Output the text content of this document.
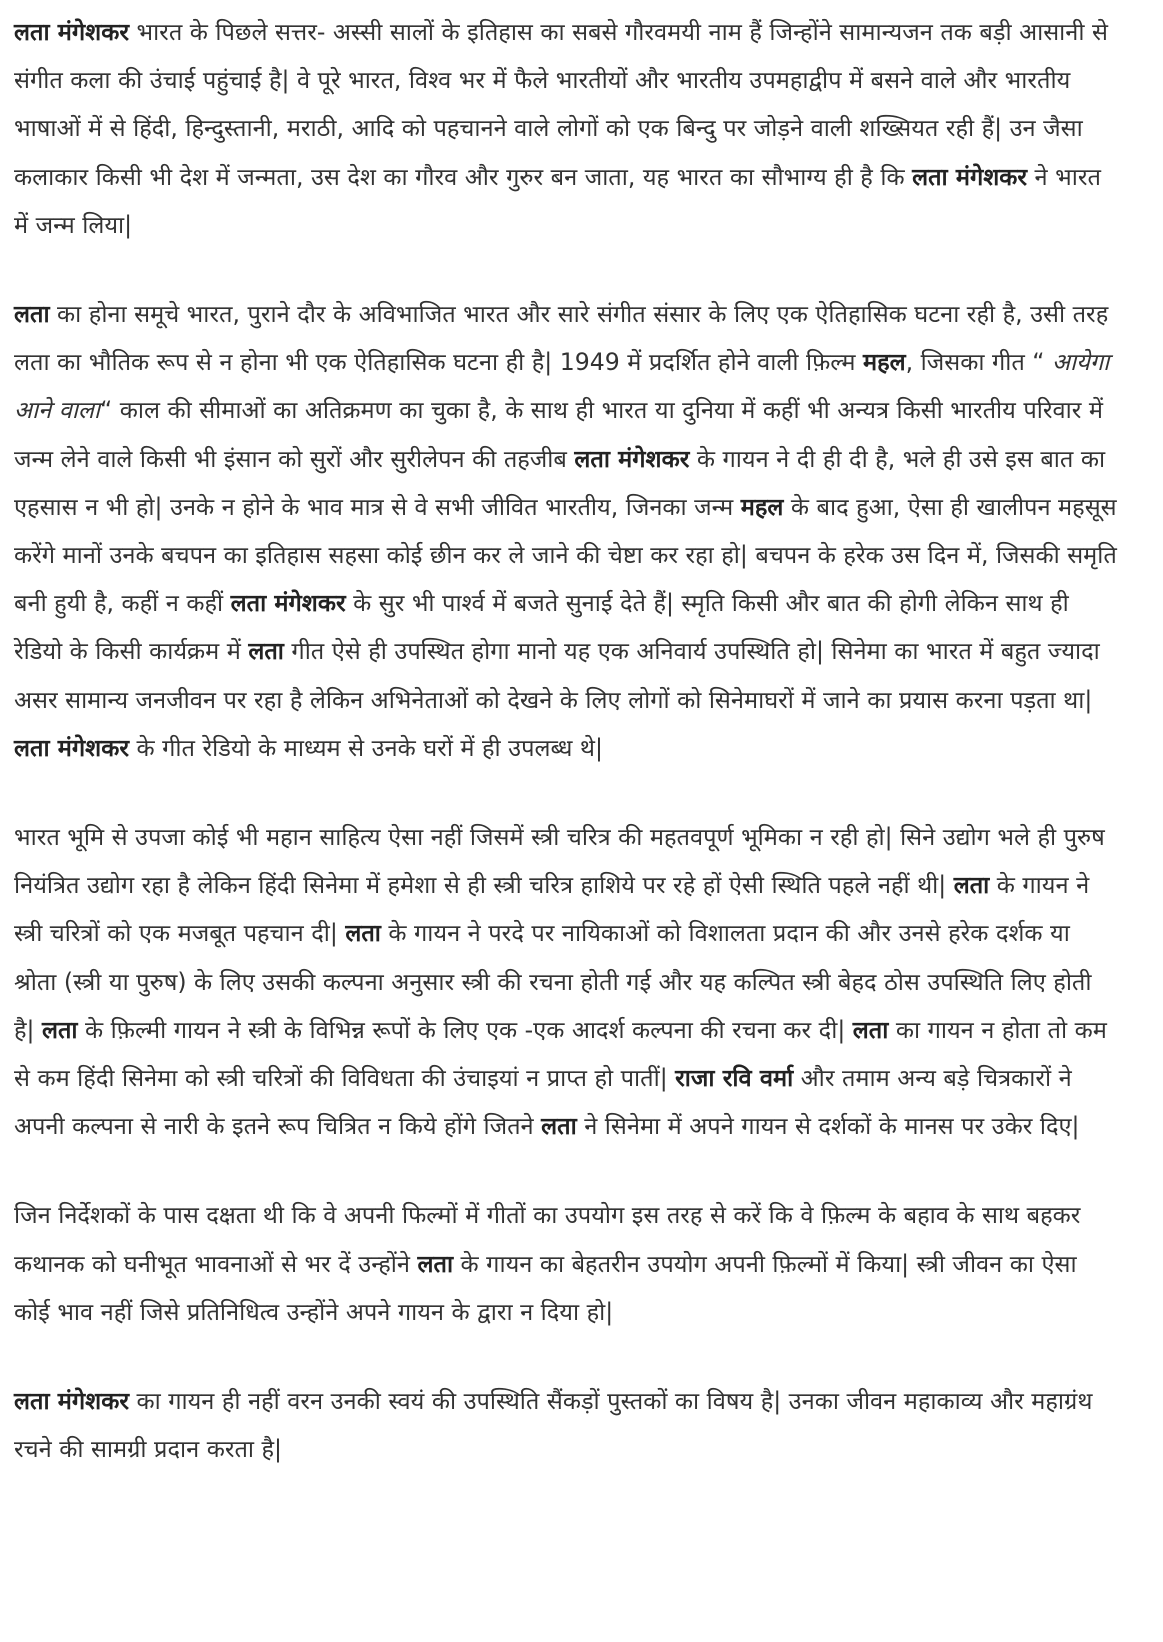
लता मंगेशकर भारत के पिछले सत्तर- अस्सी सालों के इतिहास का सबसे गौरवमयी नाम हैं जिन्होंने सामान्यजन तक बड़ी आसानी से संगीत कला की उंचाई पहुंचाई है| वे पूरे भारत, विश्व भर में फैले भारतीयों और भारतीय उपमहाद्वीप में बसने वाले और भारतीय भाषाओं में से हिंदी, हिन्दुस्तानी, मराठी, आदि को पहचानने वाले लोगों को एक बिन्दु पर जोड़ने वाली शख्सियत रही हैं| उन जैसा कलाकार किसी भी देश में जन्मता, उस देश का गौरव और गुरुर बन जाता, यह भारत का सौभाग्य ही है कि लता मंगेशकर ने भारत में जन्म लिया|

लता का होना समूचे भारत, पुराने दौर के अविभाजित भारत और सारे संगीत संसार के लिए एक ऐतिहासिक घटना रही है, उसी तरह लता का भौतिक रूप से न होना भी एक ऐतिहासिक घटना ही है| 1949 में प्रदर्शित होने वाली फ़िल्म महल, जिसका गीत “ आयेगा आने वाला“ काल की सीमाओं का अतिक्रमण का चुका है, के साथ ही भारत या दुनिया में कहीं भी अन्यत्र किसी भारतीय परिवार में जन्म लेने वाले किसी भी इंसान को सुरों और सुरीलेपन की तहजीब लता मंगेशकर के गायन ने दी ही दी है, भले ही उसे इस बात का एहसास न भी हो| उनके न होने के भाव मात्र से वे सभी जीवित भारतीय, जिनका जन्म महल के बाद हुआ, ऐसा ही खालीपन महसूस करेंगे मानों उनके बचपन का इतिहास सहसा कोई छीन कर ले जाने की चेष्टा कर रहा हो| बचपन के हरेक उस दिन में, जिसकी समृति बनी हुयी है, कहीं न कहीं लता मंगेशकर के सुर भी पार्श्व में बजते सुनाई देते हैं| स्मृति किसी और बात की होगी लेकिन साथ ही रेडियो के किसी कार्यक्रम में लता गीत ऐसे ही उपस्थित होगा मानो यह एक अनिवार्य उपस्थिति हो| सिनेमा का भारत में बहुत ज्यादा असर सामान्य जनजीवन पर रहा है लेकिन अभिनेताओं को देखने के लिए लोगों को सिनेमाघरों में जाने का प्रयास करना पड़ता था| लता मंगेशकर के गीत रेडियो के माध्यम से उनके घरों में ही उपलब्ध थे|

भारत भूमि से उपजा कोई भी महान साहित्य ऐसा नहीं जिसमें स्त्री चरित्र की महतवपूर्ण भूमिका न रही हो| सिने उद्योग भले ही पुरुष नियंत्रित उद्योग रहा है लेकिन हिंदी सिनेमा में हमेशा से ही स्त्री चरित्र हाशिये पर रहे हों ऐसी स्थिति पहले नहीं थी| लता के गायन ने स्त्री चरित्रों को एक मजबूत पहचान दी| लता के गायन ने परदे पर नायिकाओं को विशालता प्रदान की और उनसे हरेक दर्शक या श्रोता (स्त्री या पुरुष) के लिए उसकी कल्पना अनुसार स्त्री की रचना होती गई और यह कल्पित स्त्री बेहद ठोस उपस्थिति लिए होती है| लता के फ़िल्मी गायन ने स्त्री के विभिन्न रूपों के लिए एक -एक आदर्श कल्पना की रचना कर दी| लता का गायन न होता तो कम से कम हिंदी सिनेमा को स्त्री चरित्रों की विविधता की उंचाइयां न प्राप्त हो पातीं| राजा रवि वर्मा और तमाम अन्य बड़े चित्रकारों ने अपनी कल्पना से नारी के इतने रूप चित्रित न किये होंगे जितने लता ने सिनेमा में अपने गायन से दर्शकों के मानस पर उकेर दिए|

जिन निर्देशकों के पास दक्षता थी कि वे अपनी फिल्मों में गीतों का उपयोग इस तरह से करें कि वे फ़िल्म के बहाव के साथ बहकर कथानक को घनीभूत भावनाओं से भर दें उन्होंने लता के गायन का बेहतरीन उपयोग अपनी फ़िल्मों में किया| स्त्री जीवन का ऐसा कोई भाव नहीं जिसे प्रतिनिधित्व उन्होंने अपने गायन के द्वारा न दिया हो|

लता मंगेशकर का गायन ही नहीं वरन उनकी स्वयं की उपस्थिति सैंकड़ों पुस्तकों का विषय है| उनका जीवन महाकाव्य और महाग्रंथ रचने की सामग्री प्रदान करता है|
